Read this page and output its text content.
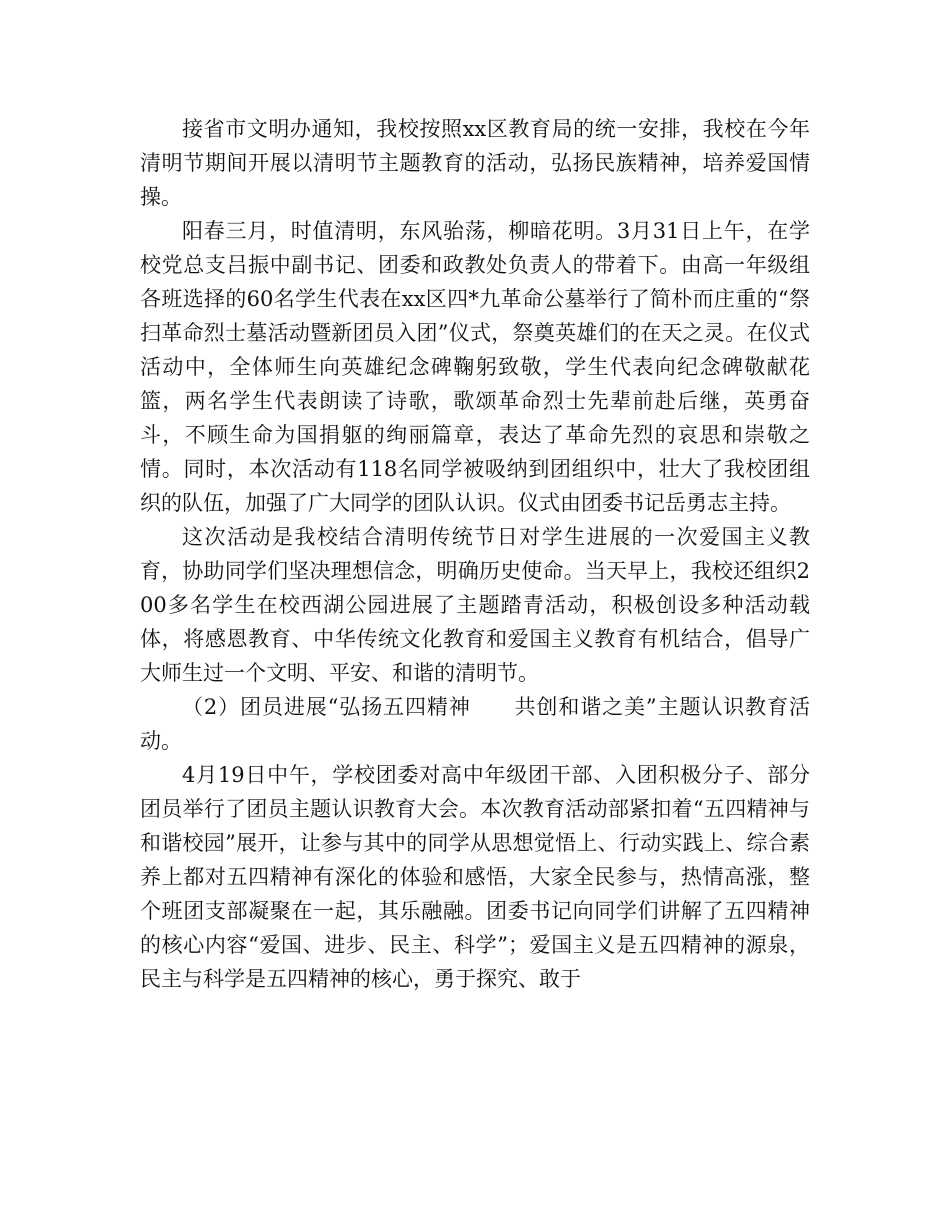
接省市文明办通知，我校按照xx区教育局的统一安排，我校在今年清明节期间开展以清明节主题教育的活动，弘扬民族精神，培养爱国情操。

阳春三月，时值清明，东风骀荡，柳暗花明。3月31日上午，在学校党总支吕振中副书记、团委和政教处负责人的带着下。由高一年级组各班选择的60名学生代表在xx区四*九革命公墓举行了简朴而庄重的“祭扫革命烈士墓活动暨新团员入团”仪式，祭奠英雄们的在天之灵。在仪式活动中，全体师生向英雄纪念碑鞠躬致敬，学生代表向纪念碑敬献花篮，两名学生代表朗读了诗歌，歌颂革命烈士先辈前赴后继，英勇奋斗，不顾生命为国捐躯的绚丽篇章，表达了革命先烈的哀思和崇敬之情。同时，本次活动有118名同学被吸纳到团组织中，壮大了我校团组织的队伍，加强了广大同学的团队认识。仪式由团委书记岳勇志主持。

这次活动是我校结合清明传统节日对学生进展的一次爱国主义教育，协助同学们坚决理想信念，明确历史使命。当天早上，我校还组织200多名学生在校西湖公园进展了主题踏青活动，积极创设多种活动载体，将感恩教育、中华传统文化教育和爱国主义教育有机结合，倡导广大师生过一个文明、平安、和谐的清明节。

（2）团员进展“弘扬五四精神　　共创和谐之美”主题认识教育活动。

4月19日中午，学校团委对高中年级团干部、入团积极分子、部分团员举行了团员主题认识教育大会。本次教育活动部紧扣着“五四精神与和谐校园”展开，让参与其中的同学从思想觉悟上、行动实践上、综合素养上都对五四精神有深化的体验和感悟，大家全民参与，热情高涨，整个班团支部凝聚在一起，其乐融融。团委书记向同学们讲解了五四精神的核心内容“爱国、进步、民主、科学”；爱国主义是五四精神的源泉，民主与科学是五四精神的核心，勇于探究、敢于
